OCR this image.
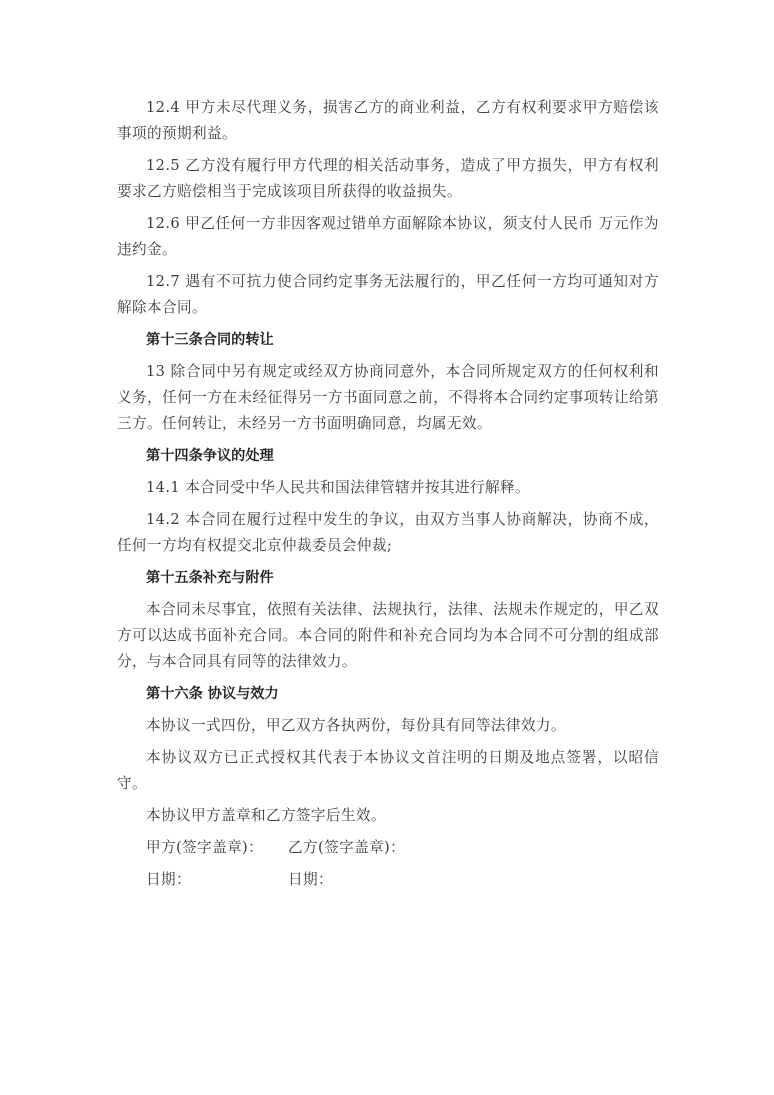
12.4 甲方未尽代理义务，损害乙方的商业利益，乙方有权利要求甲方赔偿该事项的预期利益。

12.5 乙方没有履行甲方代理的相关活动事务，造成了甲方损失，甲方有权利要求乙方赔偿相当于完成该项目所获得的收益损失。

12.6 甲乙任何一方非因客观过错单方面解除本协议，须支付人民币 万元作为违约金。

12.7 遇有不可抗力使合同约定事务无法履行的，甲乙任何一方均可通知对方解除本合同。

第十三条合同的转让

13 除合同中另有规定或经双方协商同意外，本合同所规定双方的任何权利和义务，任何一方在未经征得另一方书面同意之前，不得将本合同约定事项转让给第三方。任何转让，未经另一方书面明确同意，均属无效。

第十四条争议的处理

14.1 本合同受中华人民共和国法律管辖并按其进行解释。

14.2 本合同在履行过程中发生的争议，由双方当事人协商解决，协商不成，任何一方均有权提交北京仲裁委员会仲裁;

第十五条补充与附件

本合同未尽事宜，依照有关法律、法规执行，法律、法规未作规定的，甲乙双方可以达成书面补充合同。本合同的附件和补充合同均为本合同不可分割的组成部分，与本合同具有同等的法律效力。

第十六条 协议与效力

本协议一式四份，甲乙双方各执两份，每份具有同等法律效力。

本协议双方已正式授权其代表于本协议文首注明的日期及地点签署，以昭信守。

本协议甲方盖章和乙方签字后生效。

甲方(签字盖章)：	乙方(签字盖章)：
日期：	日期：
